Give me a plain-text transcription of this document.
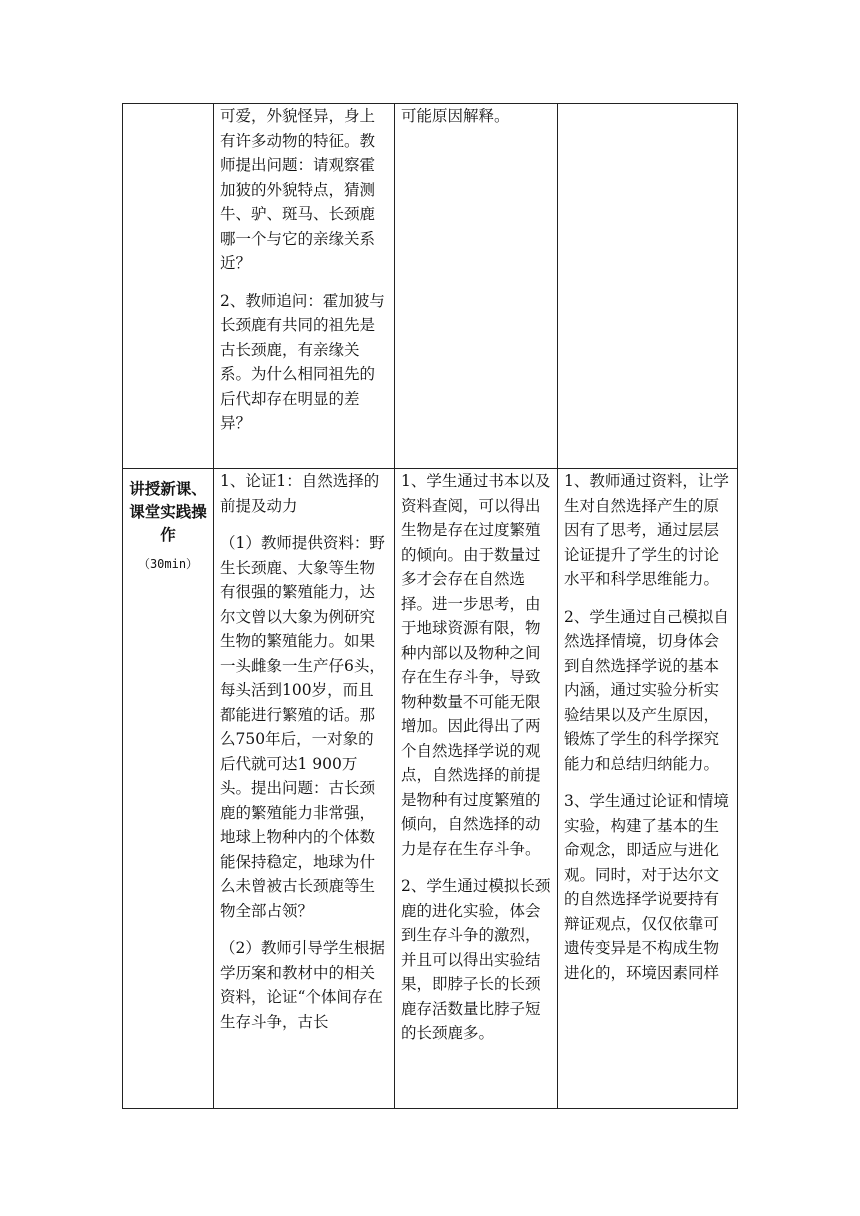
可爱，外貌怪异，身上有许多动物的特征。教师提出问题：请观察霍加狓的外貌特点，猜测牛、驴、斑马、长颈鹿哪一个与它的亲缘关系近？

2、教师追问：霍加狓与长颈鹿有共同的祖先是古长颈鹿，有亲缘关系。为什么相同祖先的后代却存在明显的差异？

可能原因解释。

讲授新课、课堂实践操作
（30min）

1、论证1：自然选择的前提及动力

（1）教师提供资料：野生长颈鹿、大象等生物有很强的繁殖能力，达尔文曾以大象为例研究生物的繁殖能力。如果一头雌象一生产仔6头，每头活到100岁，而且都能进行繁殖的话。那么750年后，一对象的后代就可达1 900万头。提出问题：古长颈鹿的繁殖能力非常强，地球上物种内的个体数能保持稳定，地球为什么未曾被古长颈鹿等生物全部占领？

（2）教师引导学生根据学历案和教材中的相关资料，论证“个体间存在生存斗争，古长

1、学生通过书本以及资料查阅，可以得出生物是存在过度繁殖的倾向。由于数量过多才会存在自然选择。进一步思考，由于地球资源有限，物种内部以及物种之间存在生存斗争，导致物种数量不可能无限增加。因此得出了两个自然选择学说的观点，自然选择的前提是物种有过度繁殖的倾向，自然选择的动力是存在生存斗争。

2、学生通过模拟长颈鹿的进化实验，体会到生存斗争的激烈，并且可以得出实验结果，即脖子长的长颈鹿存活数量比脖子短的长颈鹿多。

1、教师通过资料，让学生对自然选择产生的原因有了思考，通过层层论证提升了学生的讨论水平和科学思维能力。

2、学生通过自己模拟自然选择情境，切身体会到自然选择学说的基本内涵，通过实验分析实验结果以及产生原因，锻炼了学生的科学探究能力和总结归纳能力。

3、学生通过论证和情境实验，构建了基本的生命观念，即适应与进化观。同时，对于达尔文的自然选择学说要持有辩证观点，仅仅依靠可遗传变异是不构成生物进化的，环境因素同样
